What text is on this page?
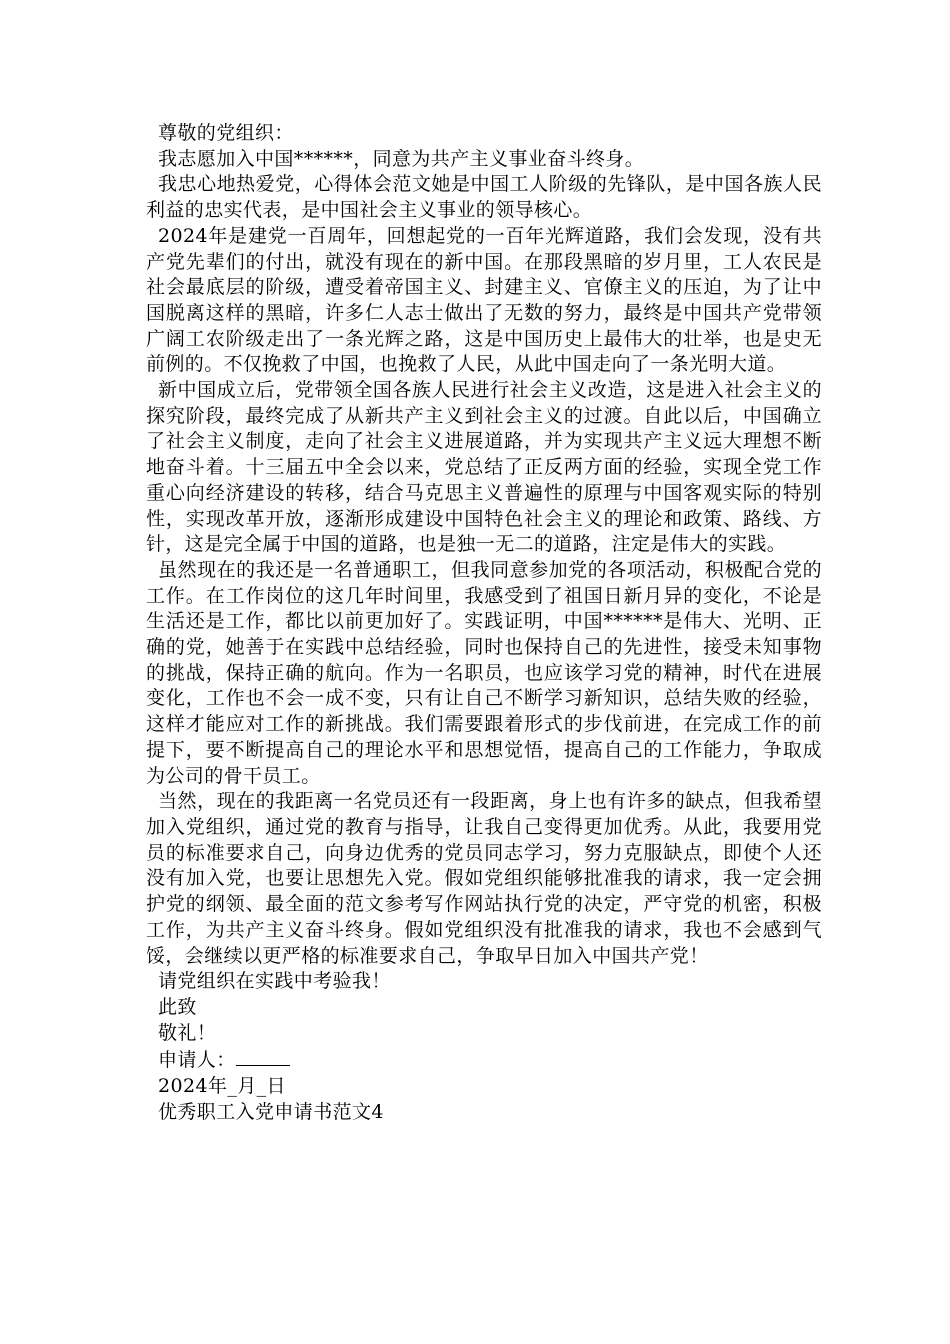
尊敬的党组织：

我志愿加入中国******，同意为共产主义事业奋斗终身。

我忠心地热爱党，心得体会范文她是中国工人阶级的先锋队，是中国各族人民利益的忠实代表，是中国社会主义事业的领导核心。

2024年是建党一百周年，回想起党的一百年光辉道路，我们会发现，没有共产党先辈们的付出，就没有现在的新中国。在那段黑暗的岁月里，工人农民是社会最底层的阶级，遭受着帝国主义、封建主义、官僚主义的压迫，为了让中国脱离这样的黑暗，许多仁人志士做出了无数的努力，最终是中国共产党带领广阔工农阶级走出了一条光辉之路，这是中国历史上最伟大的壮举，也是史无前例的。不仅挽救了中国，也挽救了人民，从此中国走向了一条光明大道。

新中国成立后，党带领全国各族人民进行社会主义改造，这是进入社会主义的探究阶段，最终完成了从新共产主义到社会主义的过渡。自此以后，中国确立了社会主义制度，走向了社会主义进展道路，并为实现共产主义远大理想不断地奋斗着。十三届五中全会以来，党总结了正反两方面的经验，实现全党工作重心向经济建设的转移，结合马克思主义普遍性的原理与中国客观实际的特别性，实现改革开放，逐渐形成建设中国特色社会主义的理论和政策、路线、方针，这是完全属于中国的道路，也是独一无二的道路，注定是伟大的实践。

虽然现在的我还是一名普通职工，但我同意参加党的各项活动，积极配合党的工作。在工作岗位的这几年时间里，我感受到了祖国日新月异的变化，不论是生活还是工作，都比以前更加好了。实践证明，中国******是伟大、光明、正确的党，她善于在实践中总结经验，同时也保持自己的先进性，接受未知事物的挑战，保持正确的航向。作为一名职员，也应该学习党的精神，时代在进展变化，工作也不会一成不变，只有让自己不断学习新知识，总结失败的经验，这样才能应对工作的新挑战。我们需要跟着形式的步伐前进，在完成工作的前提下，要不断提高自己的理论水平和思想觉悟，提高自己的工作能力，争取成为公司的骨干员工。

当然，现在的我距离一名党员还有一段距离，身上也有许多的缺点，但我希望加入党组织，通过党的教育与指导，让我自己变得更加优秀。从此，我要用党员的标准要求自己，向身边优秀的党员同志学习，努力克服缺点，即使个人还没有加入党，也要让思想先入党。假如党组织能够批准我的请求，我一定会拥护党的纲领、最全面的范文参考写作网站执行党的决定，严守党的机密，积极工作，为共产主义奋斗终身。假如党组织没有批准我的请求，我也不会感到气馁，会继续以更严格的标准要求自己，争取早日加入中国共产党！

请党组织在实践中考验我！

此致

敬礼！

申请人：

2024年_月_日

优秀职工入党申请书范文4
